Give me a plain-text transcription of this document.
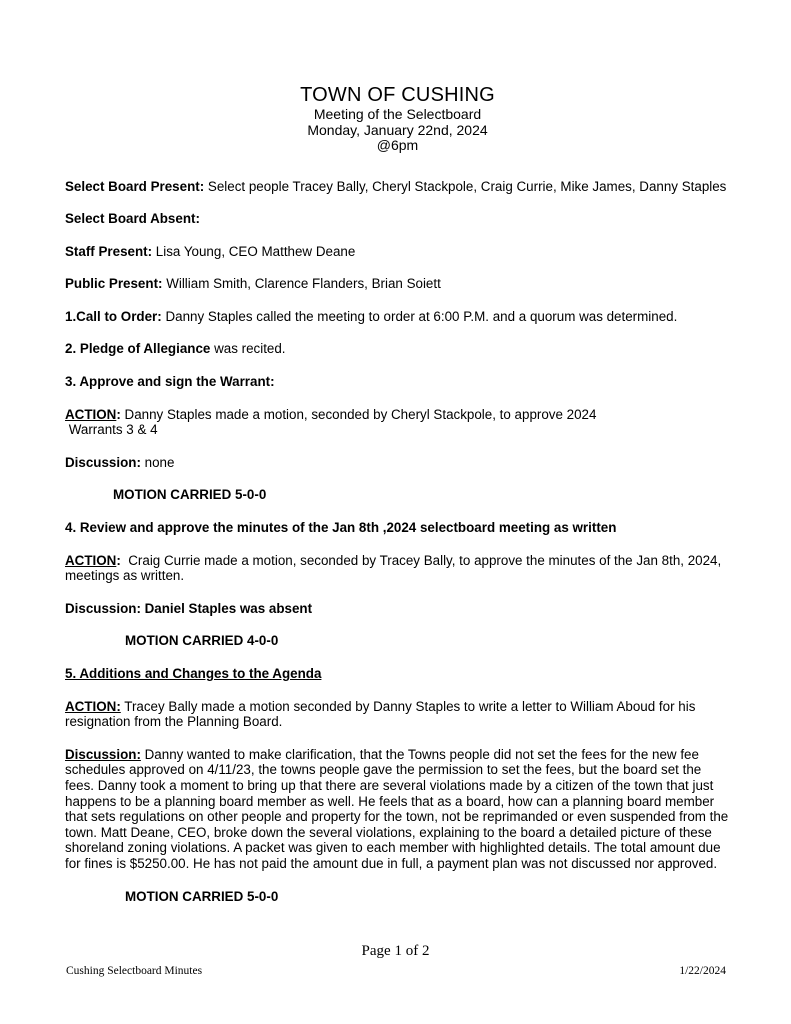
TOWN OF CUSHING
Meeting of the Selectboard
Monday, January 22nd, 2024
@6pm

Select Board Present: Select people Tracey Bally, Cheryl Stackpole, Craig Currie, Mike James, Danny Staples

Select Board Absent:

Staff Present: Lisa Young, CEO Matthew Deane

Public Present: William Smith, Clarence Flanders, Brian Soiett

1.Call to Order: Danny Staples called the meeting to order at 6:00 P.M. and a quorum was determined.

2. Pledge of Allegiance was recited.

3. Approve and sign the Warrant:

ACTION: Danny Staples made a motion, seconded by Cheryl Stackpole, to approve 2024
Warrants 3 & 4

Discussion: none

MOTION CARRIED 5-0-0

4. Review and approve the minutes of the Jan 8th ,2024 selectboard meeting as written

ACTION:  Craig Currie made a motion, seconded by Tracey Bally, to approve the minutes of the Jan 8th, 2024, meetings as written.

Discussion: Daniel Staples was absent

MOTION CARRIED 4-0-0

5. Additions and Changes to the Agenda

ACTION: Tracey Bally made a motion seconded by Danny Staples to write a letter to William Aboud for his resignation from the Planning Board.

Discussion: Danny wanted to make clarification, that the Towns people did not set the fees for the new fee schedules approved on 4/11/23, the towns people gave the permission to set the fees, but the board set the fees. Danny took a moment to bring up that there are several violations made by a citizen of the town that just happens to be a planning board member as well. He feels that as a board, how can a planning board member that sets regulations on other people and property for the town, not be reprimanded or even suspended from the town. Matt Deane, CEO, broke down the several violations, explaining to the board a detailed picture of these shoreland zoning violations. A packet was given to each member with highlighted details. The total amount due for fines is $5250.00. He has not paid the amount due in full, a payment plan was not discussed nor approved.

MOTION CARRIED 5-0-0

Page 1 of 2
Cushing Selectboard Minutes	1/22/2024
